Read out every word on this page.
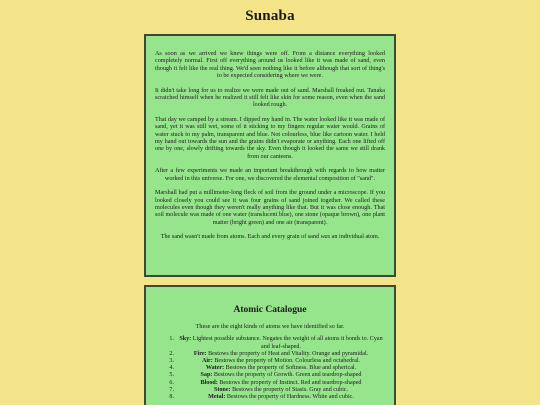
Sunaba

As soon as we arrived we knew things were off. From a distance everything looked completely normal. First off everything around us looked like it was made of sand, even though it felt like the real thing. We'd seen nothing like it before although that sort of thing's to be expected considering where we were.

It didn't take long for us to realize we were made out of sand. Marshall freaked out. Tanaka scratched himself when he realized it still felt like skin for some reason, even when the sand looked rough.

That day we camped by a stream. I dipped my hand in. The water looked like it was made of sand, yet it was still wet, some of it sticking to my fingers regular water would. Grains of water stuck to my palm, transparent and blue. Not colourless, blue like cartoon water. I held my hand out towards the sun and the grains didn't evaporate or anything. Each one lifted off one by one, slowly drifting towards the sky. Even though it looked the same we still drank from our canteens.

After a few experiments we made an important breakthrough with regards to how matter worked in this universe. For one, we discovered the elemental composition of "sand".

Marshall had put a millimeter-long fleck of soil from the ground under a microscope. If you looked closely you could see it was four grains of sand joined together. We called these molecules even though they weren't really anything like that. But it was close enough. That soil molecule was made of one water (translucent blue), one stone (opaque brown), one plant matter (bright green) and one air (transparent).

The sand wasn't made from atoms. Each and every grain of sand was an individual atom.

Atomic Catalogue
These are the eight kinds of atoms we have identified so far.
1. Sky: Lightest possible substance. Negates the weight of all atoms it bonds to. Cyan and leaf-shaped.
2.	Fire: Bestows the property of Heat and Vitality. Orange and pyramidal.
3.	Air: Bestows the property of Motion. Colourless and octahedral.
4.	Water: Bestows the property of Softness. Blue and spherical.
5.	Sap: Bestows the property of Growth. Green and teardrop-shaped
6.	Blood: Bestows the property of Instinct. Red and teardrop-shaped
7.	Stone: Bestows the property of Stasis. Gray and cubic.
8.	Metal: Bestows the property of Hardness. White and cubic.
